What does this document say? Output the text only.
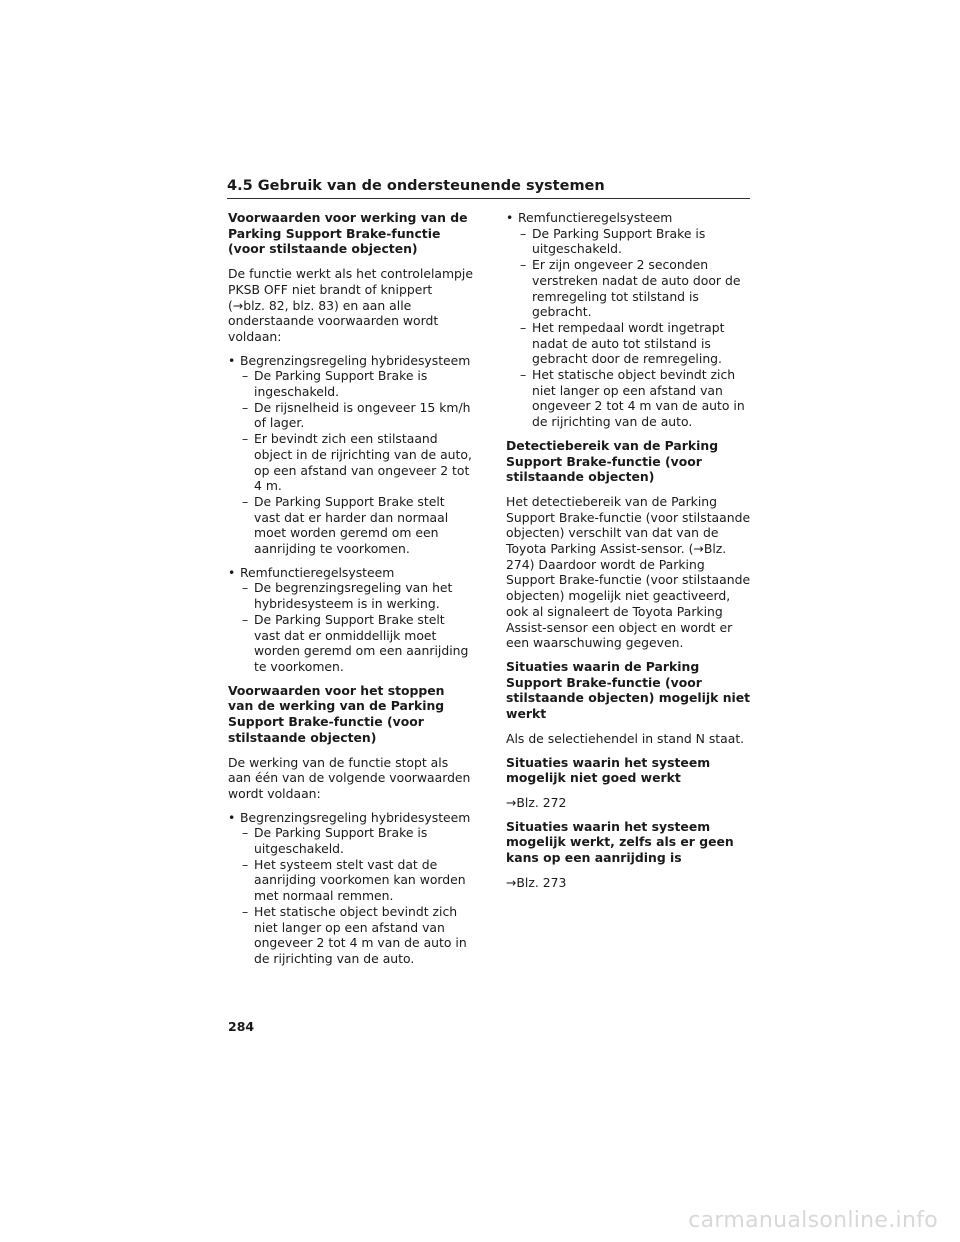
4.5 Gebruik van de ondersteunende systemen
Voorwaarden voor werking van de Parking Support Brake-functie (voor stilstaande objecten)
De functie werkt als het controlelampje PKSB OFF niet brandt of knippert (→blz. 82, blz. 83) en aan alle onderstaande voorwaarden wordt voldaan:
• Begrenzingsregeling hybridesysteem
– De Parking Support Brake is ingeschakeld.
– De rijsnelheid is ongeveer 15 km/h of lager.
– Er bevindt zich een stilstaand object in de rijrichting van de auto, op een afstand van ongeveer 2 tot 4 m.
– De Parking Support Brake stelt vast dat er harder dan normaal moet worden geremd om een aanrijding te voorkomen.
• Remfunctieregelsysteem
– De begrenzingsregeling van het hybridesysteem is in werking.
– De Parking Support Brake stelt vast dat er onmiddellijk moet worden geremd om een aanrijding te voorkomen.
Voorwaarden voor het stoppen van de werking van de Parking Support Brake-functie (voor stilstaande objecten)
De werking van de functie stopt als aan één van de volgende voorwaarden wordt voldaan:
• Begrenzingsregeling hybridesysteem
– De Parking Support Brake is uitgeschakeld.
– Het systeem stelt vast dat de aanrijding voorkomen kan worden met normaal remmen.
– Het statische object bevindt zich niet langer op een afstand van ongeveer 2 tot 4 m van de auto in de rijrichting van de auto.
• Remfunctieregelsysteem
– De Parking Support Brake is uitgeschakeld.
– Er zijn ongeveer 2 seconden verstreken nadat de auto door de remregeling tot stilstand is gebracht.
– Het rempedaal wordt ingetrapt nadat de auto tot stilstand is gebracht door de remregeling.
– Het statische object bevindt zich niet langer op een afstand van ongeveer 2 tot 4 m van de auto in de rijrichting van de auto.
Detectiebereik van de Parking Support Brake-functie (voor stilstaande objecten)
Het detectiebereik van de Parking Support Brake-functie (voor stilstaande objecten) verschilt van dat van de Toyota Parking Assist-sensor. (→Blz. 274) Daardoor wordt de Parking Support Brake-functie (voor stilstaande objecten) mogelijk niet geactiveerd, ook al signaleert de Toyota Parking Assist-sensor een object en wordt er een waarschuwing gegeven.
Situaties waarin de Parking Support Brake-functie (voor stilstaande objecten) mogelijk niet werkt
Als de selectiehendel in stand N staat.
Situaties waarin het systeem mogelijk niet goed werkt
→Blz. 272
Situaties waarin het systeem mogelijk werkt, zelfs als er geen kans op een aanrijding is
→Blz. 273
284
carmanualsonline.info
